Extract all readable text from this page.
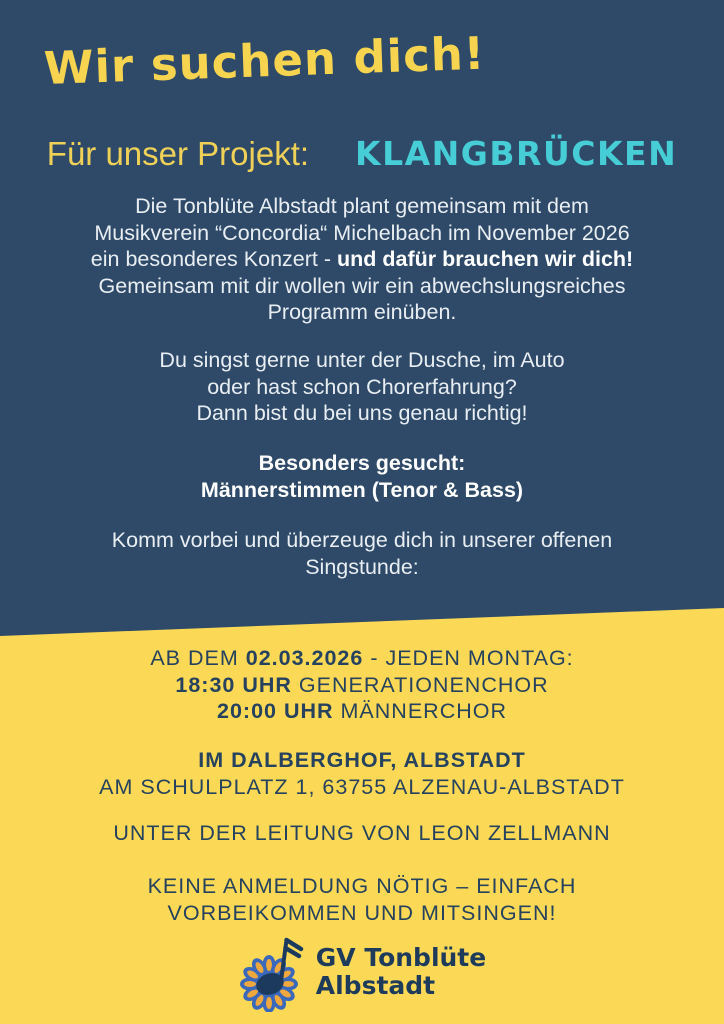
Wir suchen dich!
Für unser Projekt: KLANGBRÜCKEN

Die Tonblüte Albstadt plant gemeinsam mit dem
Musikverein “Concordia“ Michelbach im November 2026
ein besonderes Konzert - und dafür brauchen wir dich!
Gemeinsam mit dir wollen wir ein abwechslungsreiches
Programm einüben.

Du singst gerne unter der Dusche, im Auto
oder hast schon Chorerfahrung?
Dann bist du bei uns genau richtig!

Besonders gesucht:
Männerstimmen (Tenor & Bass)

Komm vorbei und überzeuge dich in unserer offenen
Singstunde:

AB DEM 02.03.2026 - JEDEN MONTAG:
18:30 UHR GENERATIONENCHOR
20:00 UHR MÄNNERCHOR

IM DALBERGHOF, ALBSTADT
AM SCHULPLATZ 1, 63755 ALZENAU-ALBSTADT

UNTER DER LEITUNG VON LEON ZELLMANN

KEINE ANMELDUNG NÖTIG – EINFACH
VORBEIKOMMEN UND MITSINGEN!

GV Tonblüte
Albstadt
